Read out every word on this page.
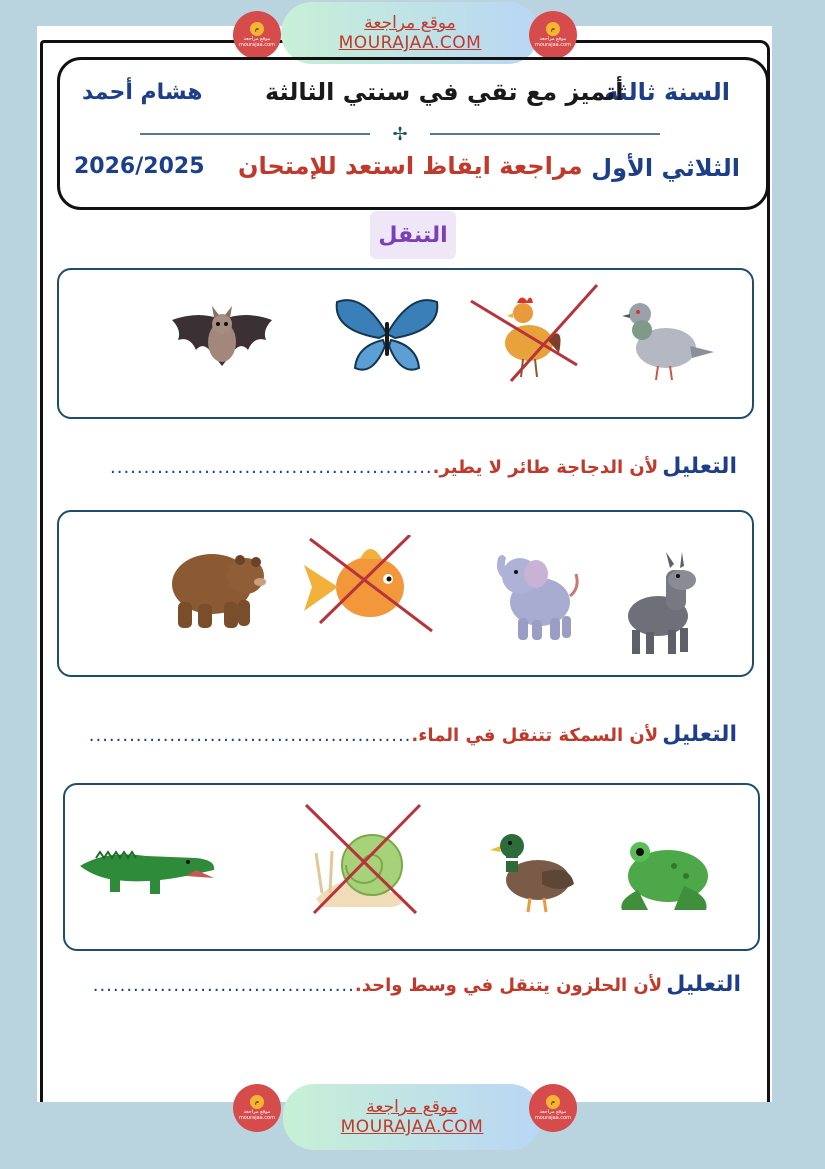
م
موقع مراجعة
mourajaa.com
موقع مراجعة
MOURAJAA.COM
م
موقع مراجعة
mourajaa.com
السنة ثالثة
أتميز مع تقي في سنتي الثالثة
هشام أحمد
✢
الثلاثي الأول
مراجعة ايقاظ استعد للإمتحان
2026/2025
التنقل
التعليل
لأن الدجاجة طائر لا يطير.
................................................
التعليل
لأن السمكة تتنقل في الماء.
................................................
التعليل
لأن الحلزون يتنقل في وسط واحد.
.......................................
م
موقع مراجعة
mourajaa.com
موقع مراجعة
MOURAJAA.COM
م
موقع مراجعة
mourajaa.com
